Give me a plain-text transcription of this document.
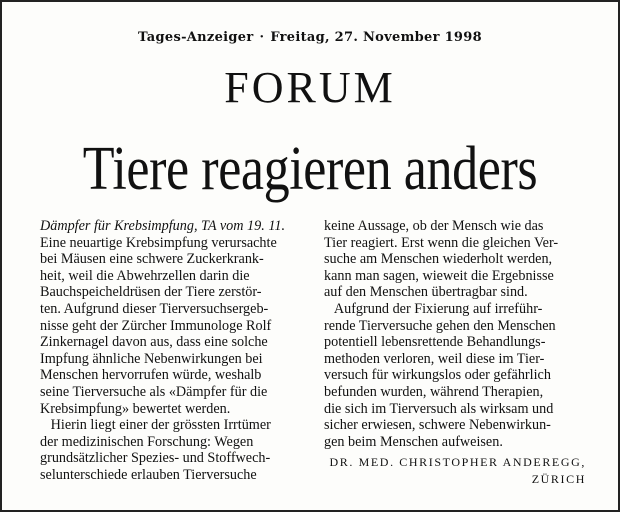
Tages-Anzeiger · Freitag, 27. November 1998
FORUM
Tiere reagieren anders
Dämpfer für Krebsimpfung, TA vom 19. 11.
Eine neuartige Krebsimpfung verursachte
bei Mäusen eine schwere Zuckerkrank-
heit, weil die Abwehrzellen darin die
Bauchspeicheldrüsen der Tiere zerstör-
ten. Aufgrund dieser Tierversuchsergeb-
nisse geht der Zürcher Immunologe Rolf
Zinkernagel davon aus, dass eine solche
Impfung ähnliche Nebenwirkungen bei
Menschen hervorrufen würde, weshalb
seine Tierversuche als «Dämpfer für die
Krebsimpfung» bewertet werden.
Hierin liegt einer der grössten Irrtümer
der medizinischen Forschung: Wegen
grundsätzlicher Spezies- und Stoffwech-
selunterschiede erlauben Tierversuche
keine Aussage, ob der Mensch wie das
Tier reagiert. Erst wenn die gleichen Ver-
suche am Menschen wiederholt werden,
kann man sagen, wieweit die Ergebnisse
auf den Menschen übertragbar sind.
Aufgrund der Fixierung auf irreführ-
rende Tierversuche gehen den Menschen
potentiell lebensrettende Behandlungs-
methoden verloren, weil diese im Tier-
versuch für wirkungslos oder gefährlich
befunden wurden, während Therapien,
die sich im Tierversuch als wirksam und
sicher erwiesen, schwere Nebenwirkun-
gen beim Menschen aufweisen.
DR. MED. CHRISTOPHER ANDEREGG,
ZÜRICH
